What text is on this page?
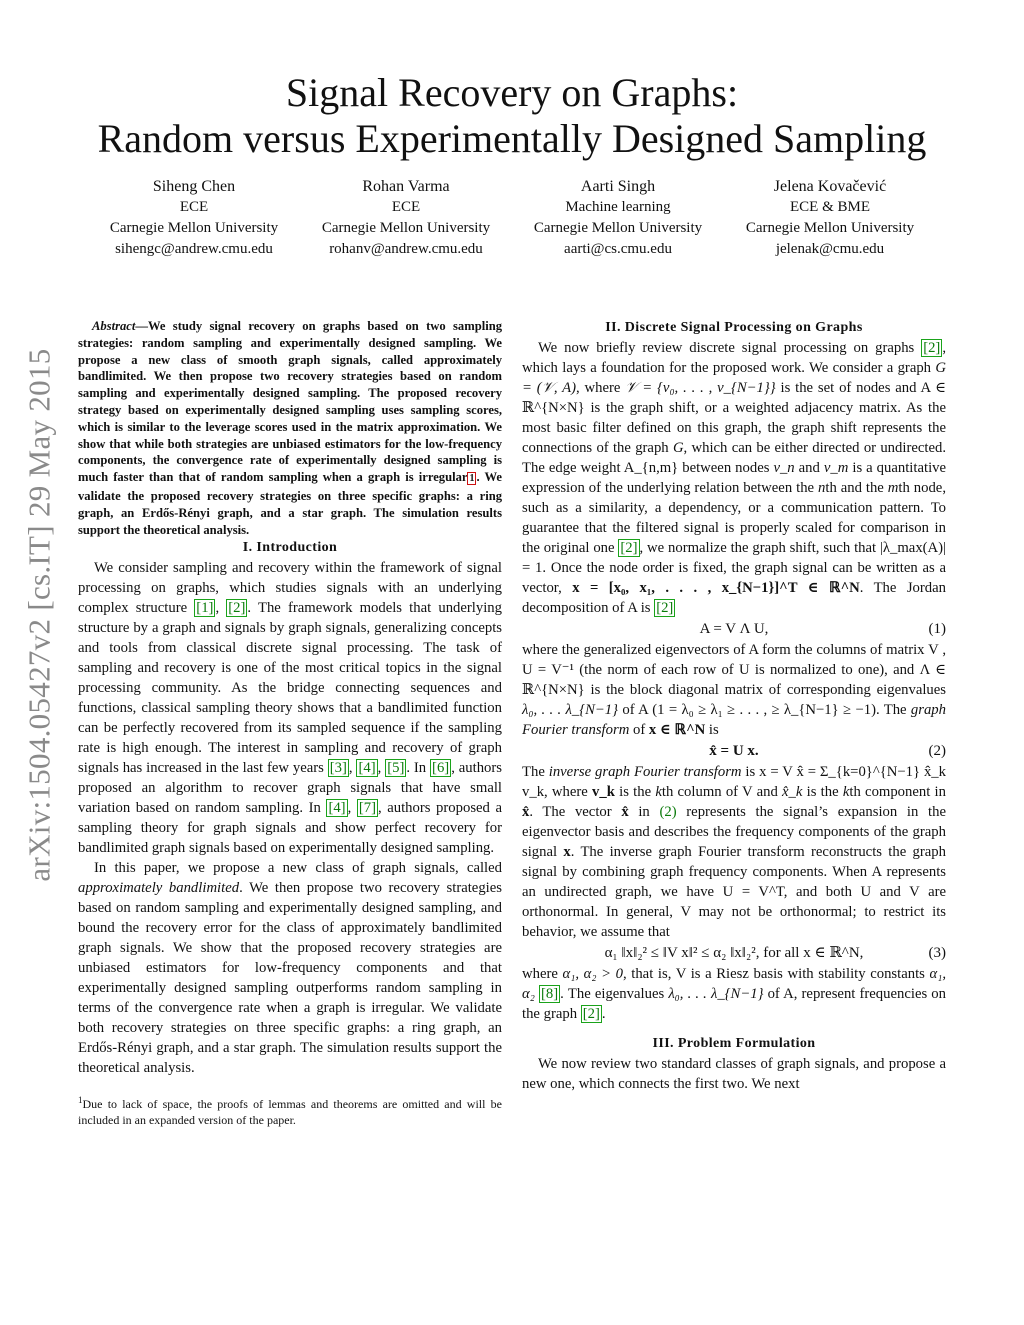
arXiv:1504.05427v2 [cs.IT] 29 May 2015
Signal Recovery on Graphs:
Random versus Experimentally Designed Sampling
Siheng Chen
ECE
Carnegie Mellon University
sihengc@andrew.cmu.edu
Rohan Varma
ECE
Carnegie Mellon University
rohanv@andrew.cmu.edu
Aarti Singh
Machine learning
Carnegie Mellon University
aarti@cs.cmu.edu
Jelena Kovačević
ECE & BME
Carnegie Mellon University
jelenak@cmu.edu

Abstract—We study signal recovery on graphs based on two sampling strategies: random sampling and experimentally designed sampling. We propose a new class of smooth graph signals, called approximately bandlimited. We then propose two recovery strategies based on random sampling and experimentally designed sampling. The proposed recovery strategy based on experimentally designed sampling uses sampling scores, which is similar to the leverage scores used in the matrix approximation. We show that while both strategies are unbiased estimators for the low-frequency components, the convergence rate of experimentally designed sampling is much faster than that of random sampling when a graph is irregular 1 . We validate the proposed recovery strategies on three specific graphs: a ring graph, an Erdős-Rényi graph, and a star graph. The simulation results support the theoretical analysis.

I. Introduction

We consider sampling and recovery within the framework of signal processing on graphs, which studies signals with an underlying complex structure [1] , [2] . The framework models that underlying structure by a graph and signals by graph signals, generalizing concepts and tools from classical discrete signal processing. The task of sampling and recovery is one of the most critical topics in the signal processing community. As the bridge connecting sequences and functions, classical sampling theory shows that a bandlimited function can be perfectly recovered from its sampled sequence if the sampling rate is high enough. The interest in sampling and recovery of graph signals has increased in the last few years [3] , [4] , [5] . In [6] , authors proposed an algorithm to recover graph signals that have small variation based on random sampling. In [4] , [7] , authors proposed a sampling theory for graph signals and show perfect recovery for bandlimited graph signals based on experimentally designed sampling.

In this paper, we propose a new class of graph signals, called approximately bandlimited. We then propose two recovery strategies based on random sampling and experimentally designed sampling, and bound the recovery error for the class of approximately bandlimited graph signals. We show that the proposed recovery strategies are unbiased estimators for low-frequency components and that experimentally designed sampling outperforms random sampling in terms of the convergence rate when a graph is irregular. We validate both recovery strategies on three specific graphs: a ring graph, an Erdős-Rényi graph, and a star graph. The simulation results support the theoretical analysis.

$^1$Due to lack of space, the proofs of lemmas and theorems are omitted and will be included in an expanded version of the paper.

II. Discrete Signal Processing on Graphs

We now briefly review discrete signal processing on graphs [2] , which lays a foundation for the proposed work. We consider a graph G = (𝒱, A), where 𝒱 = {v₀, . . . , v_{N−1}} is the set of nodes and A ∈ ℝ^{N×N} is the graph shift, or a weighted adjacency matrix. As the most basic filter defined on this graph, the graph shift represents the connections of the graph G, which can be either directed or undirected. The edge weight A_{n,m} between nodes v_n and v_m is a quantitative expression of the underlying relation between the nth and the mth node, such as a similarity, a dependency, or a communication pattern. To guarantee that the filtered signal is properly scaled for comparison in the original one [2] , we normalize the graph shift, such that |λ_max(A)| = 1. Once the node order is fixed, the graph signal can be written as a vector, x = [x₀, x₁, . . . , x_{N−1}]^T ∈ ℝ^N. The Jordan decomposition of A is [2]

A = V Λ U,	(1)

where the generalized eigenvectors of A form the columns of matrix V , U = V⁻¹ (the norm of each row of U is normalized to one), and Λ ∈ ℝ^{N×N} is the block diagonal matrix of corresponding eigenvalues λ₀, . . . λ_{N−1} of A (1 = λ₀ ≥ λ₁ ≥ . . . , ≥ λ_{N−1} ≥ −1). The graph Fourier transform of x ∈ ℝ^N is

x̂ = U x.	(2)

The inverse graph Fourier transform is x = V x̂ = Σ_{k=0}^{N−1} x̂_k v_k, where v_k is the kth column of V and x̂_k is the kth component in x̂. The vector x̂ in (2) represents the signal’s expansion in the eigenvector basis and describes the frequency components of the graph signal x. The inverse graph Fourier transform reconstructs the graph signal by combining graph frequency components. When A represents an undirected graph, we have U = V^T, and both U and V are orthonormal. In general, V may not be orthonormal; to restrict its behavior, we assume that

α₁ ‖x‖₂² ≤ ‖V x‖² ≤ α₂ ‖x‖₂², for all x ∈ ℝ^N,	(3)

where α₁, α₂ > 0, that is, V is a Riesz basis with stability constants α₁, α₂ [8] . The eigenvalues λ₀, . . . λ_{N−1} of A, represent frequencies on the graph [2] .

III. Problem Formulation

We now review two standard classes of graph signals, and propose a new one, which connects the first two. We next
